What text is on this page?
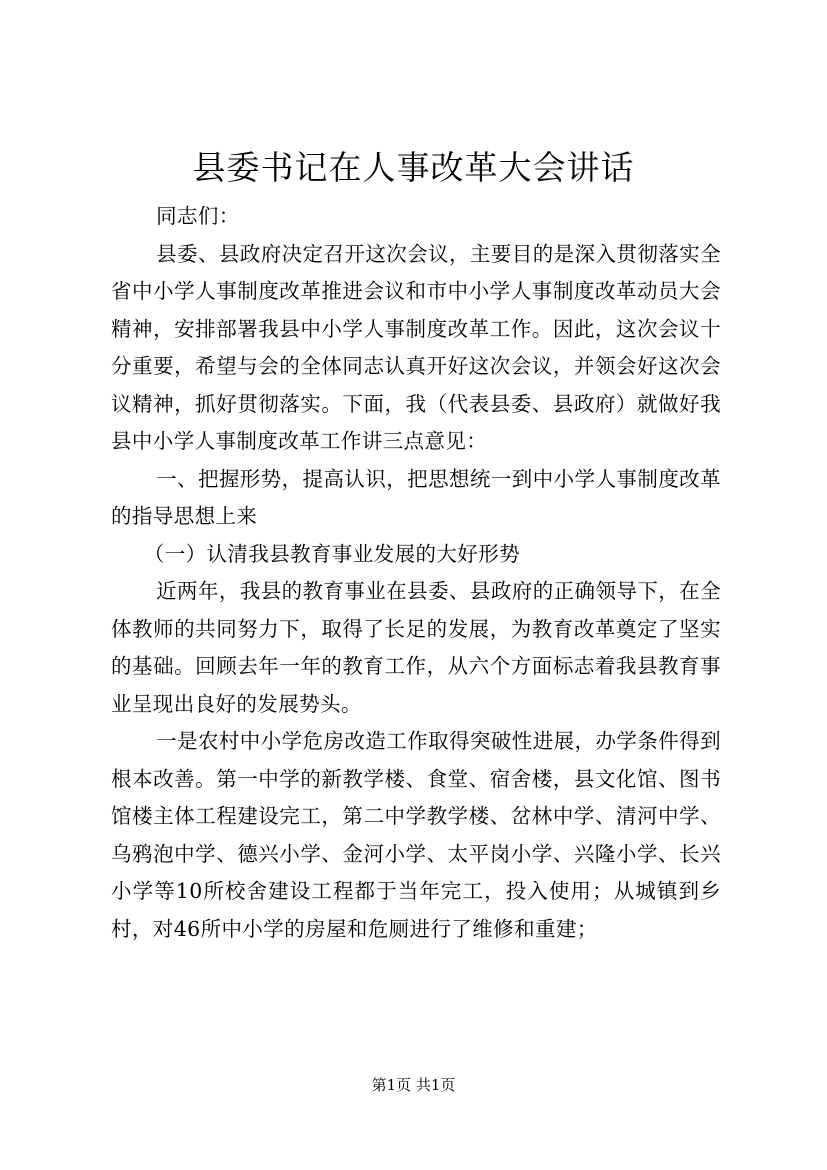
县委书记在人事改革大会讲话

同志们：

县委、县政府决定召开这次会议，主要目的是深入贯彻落实全省中小学人事制度改革推进会议和市中小学人事制度改革动员大会精神，安排部署我县中小学人事制度改革工作。因此，这次会议十分重要，希望与会的全体同志认真开好这次会议，并领会好这次会议精神，抓好贯彻落实。下面，我（代表县委、县政府）就做好我县中小学人事制度改革工作讲三点意见：

一、把握形势，提高认识，把思想统一到中小学人事制度改革的指导思想上来

（一）认清我县教育事业发展的大好形势

近两年，我县的教育事业在县委、县政府的正确领导下，在全体教师的共同努力下，取得了长足的发展，为教育改革奠定了坚实的基础。回顾去年一年的教育工作，从六个方面标志着我县教育事业呈现出良好的发展势头。

一是农村中小学危房改造工作取得突破性进展，办学条件得到根本改善。第一中学的新教学楼、食堂、宿舍楼，县文化馆、图书馆楼主体工程建设完工，第二中学教学楼、岔林中学、清河中学、乌鸦泡中学、德兴小学、金河小学、太平岗小学、兴隆小学、长兴小学等10所校舍建设工程都于当年完工，投入使用；从城镇到乡村，对46所中小学的房屋和危厕进行了维修和重建；

第1页 共1页
